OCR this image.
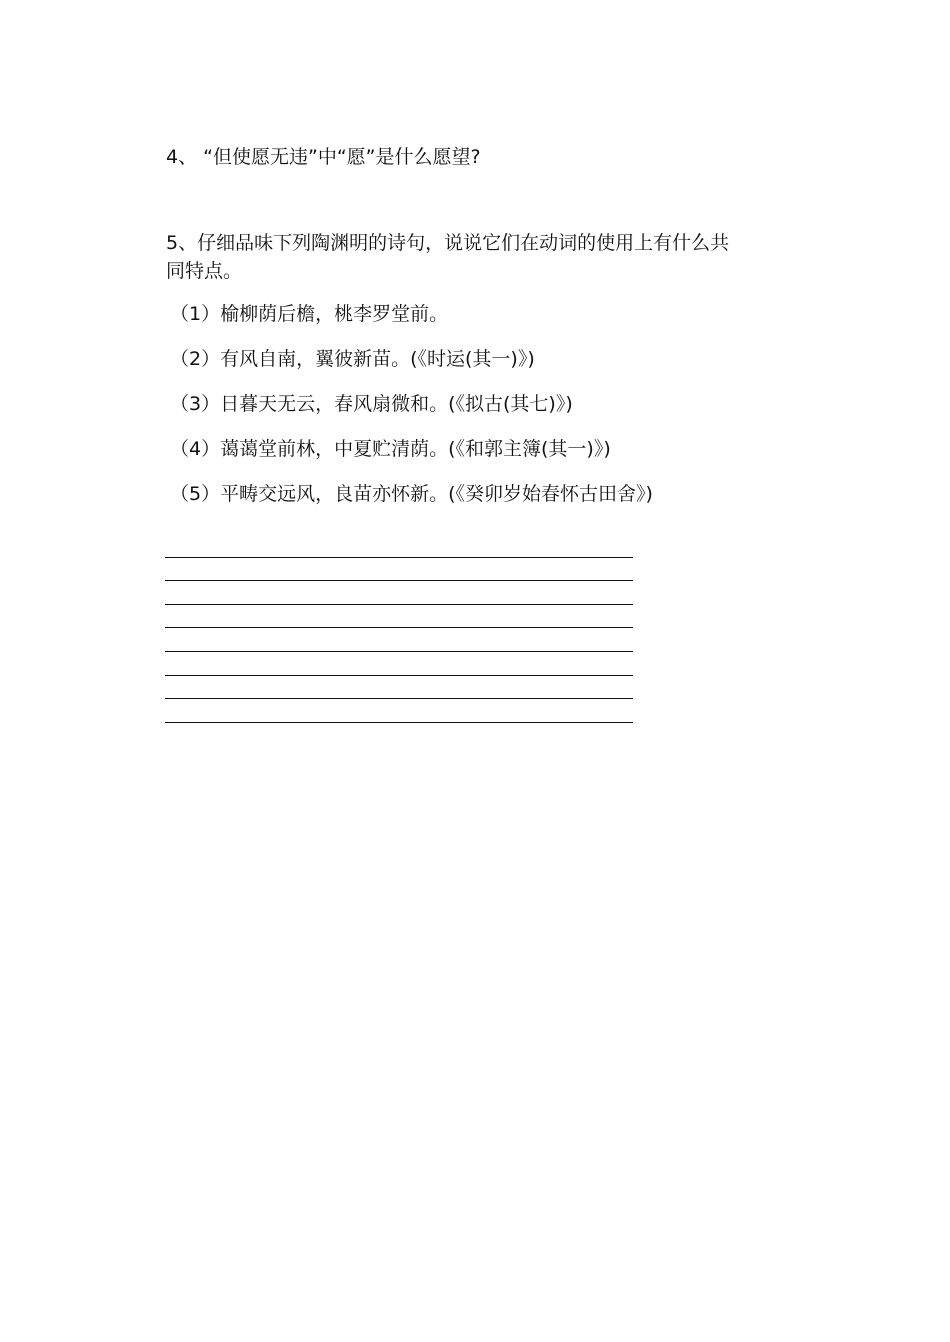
4、 “但使愿无违”中“愿”是什么愿望?
5、仔细品味下列陶渊明的诗句，说说它们在动词的使用上有什么共
同特点。
（1）榆柳荫后檐，桃李罗堂前。
（2）有风自南，翼彼新苗。(《时运(其一)》)
（3）日暮天无云，春风扇微和。(《拟古(其七)》)
（4）蔼蔼堂前林，中夏贮清荫。(《和郭主簿(其一)》)
（5）平畴交远风，良苗亦怀新。(《癸卯岁始春怀古田舍》)
